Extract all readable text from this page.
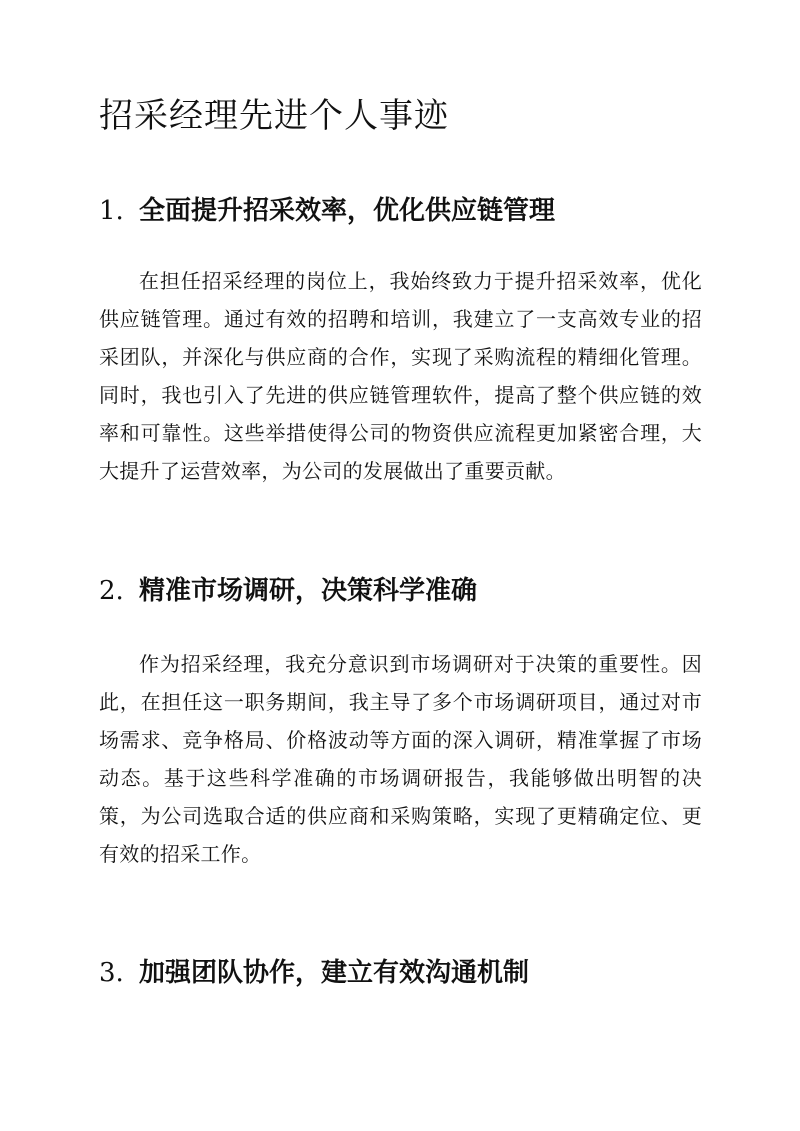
招采经理先进个人事迹
1. 全面提升招采效率，优化供应链管理

在担任招采经理的岗位上，我始终致力于提升招采效率，优化供应链管理。通过有效的招聘和培训，我建立了一支高效专业的招采团队，并深化与供应商的合作，实现了采购流程的精细化管理。同时，我也引入了先进的供应链管理软件，提高了整个供应链的效率和可靠性。这些举措使得公司的物资供应流程更加紧密合理，大大提升了运营效率，为公司的发展做出了重要贡献。

2. 精准市场调研，决策科学准确

作为招采经理，我充分意识到市场调研对于决策的重要性。因此，在担任这一职务期间，我主导了多个市场调研项目，通过对市场需求、竞争格局、价格波动等方面的深入调研，精准掌握了市场动态。基于这些科学准确的市场调研报告，我能够做出明智的决策，为公司选取合适的供应商和采购策略，实现了更精确定位、更有效的招采工作。

3. 加强团队协作，建立有效沟通机制
